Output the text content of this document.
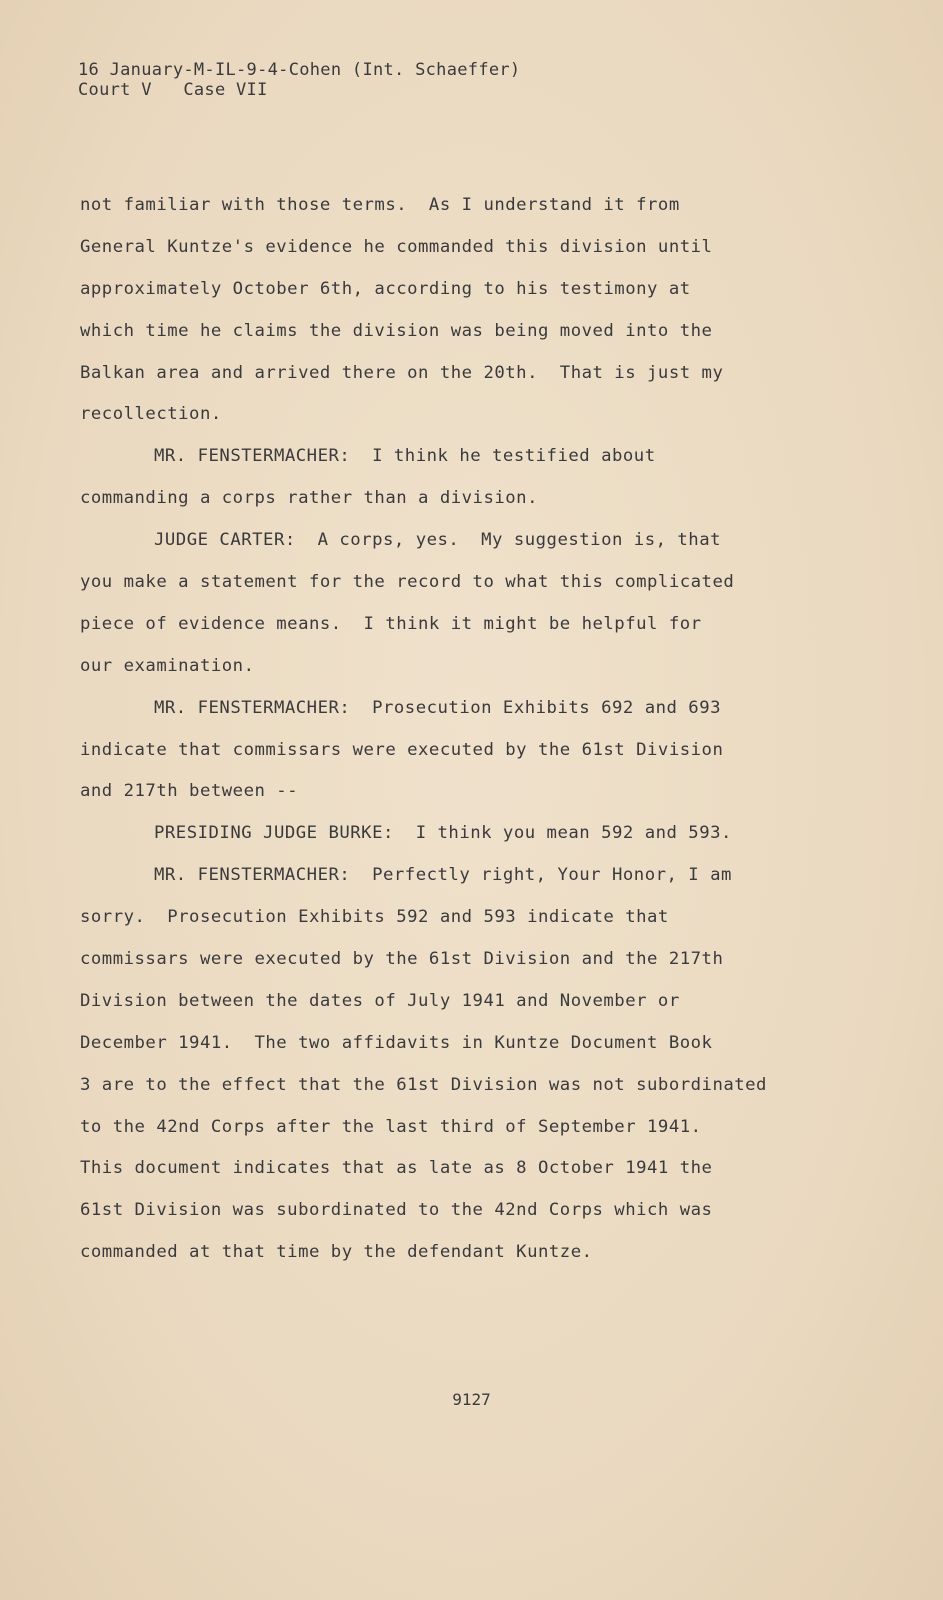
16 January-M-IL-9-4-Cohen (Int. Schaeffer)
Court V   Case VII
not familiar with those terms.  As I understand it from
General Kuntze's evidence he commanded this division until
approximately October 6th, according to his testimony at
which time he claims the division was being moved into the
Balkan area and arrived there on the 20th.  That is just my
recollection.
MR. FENSTERMACHER:  I think he testified about
commanding a corps rather than a division.
JUDGE CARTER:  A corps, yes.  My suggestion is, that
you make a statement for the record to what this complicated
piece of evidence means.  I think it might be helpful for
our examination.
MR. FENSTERMACHER:  Prosecution Exhibits 692 and 693
indicate that commissars were executed by the 61st Division
and 217th between --
PRESIDING JUDGE BURKE:  I think you mean 592 and 593.
MR. FENSTERMACHER:  Perfectly right, Your Honor, I am
sorry.  Prosecution Exhibits 592 and 593 indicate that
commissars were executed by the 61st Division and the 217th
Division between the dates of July 1941 and November or
December 1941.  The two affidavits in Kuntze Document Book
3 are to the effect that the 61st Division was not subordinated
to the 42nd Corps after the last third of September 1941.
This document indicates that as late as 8 October 1941 the
61st Division was subordinated to the 42nd Corps which was
commanded at that time by the defendant Kuntze.
9127
